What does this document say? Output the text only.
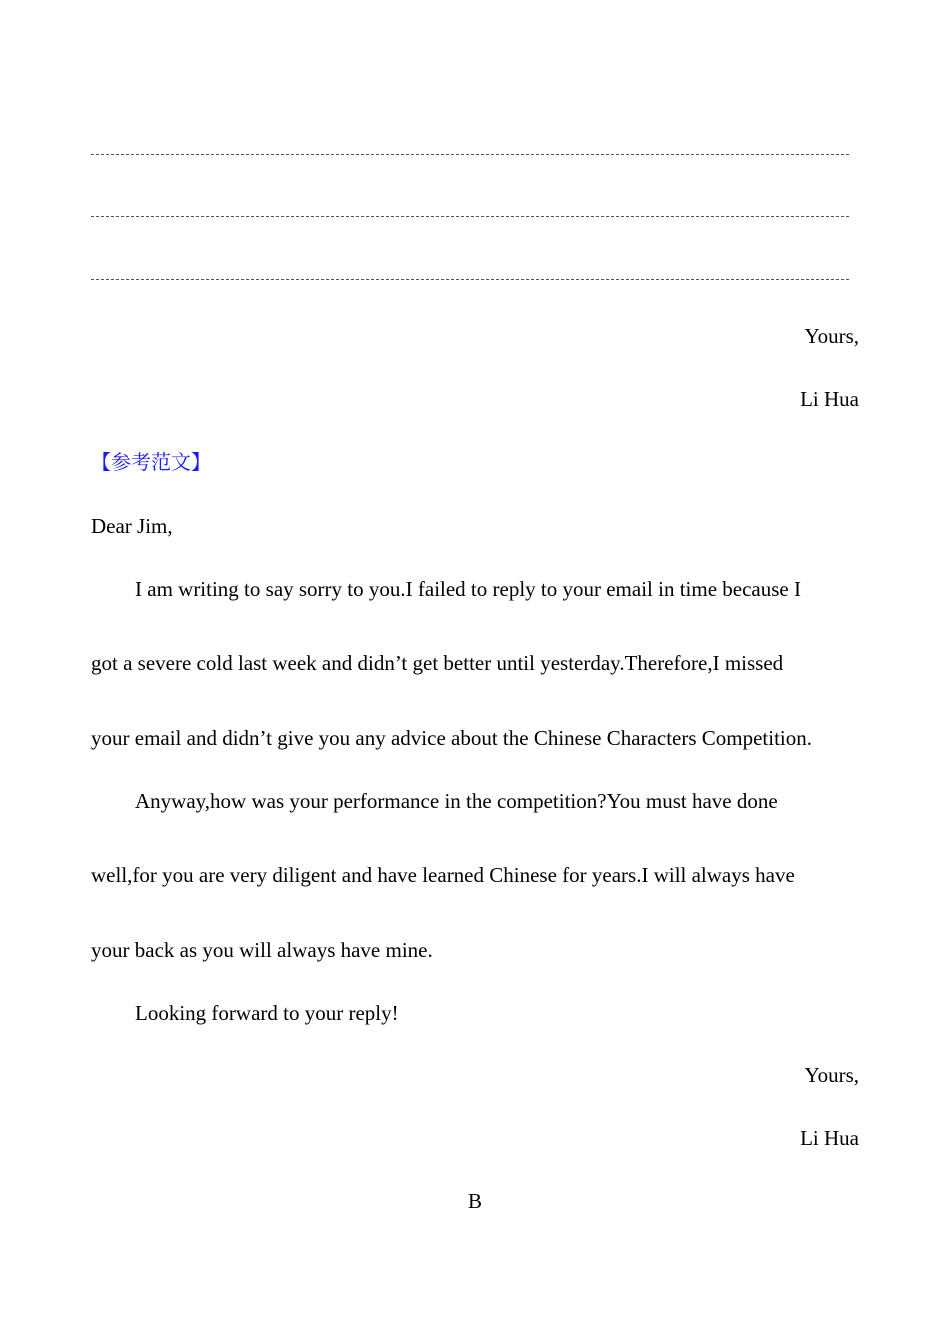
Yours,
Li Hua
【参考范文】
Dear Jim,
I am writing to say sorry to you.I failed to reply to your email in time because I
got a severe cold last week and didn’t get better until yesterday.Therefore,I missed
your email and didn’t give you any advice about the Chinese Characters Competition.
Anyway,how was your performance in the competition?You must have done
well,for you are very diligent and have learned Chinese for years.I will always have
your back as you will always have mine.
Looking forward to your reply!
Yours,
Li Hua
B
